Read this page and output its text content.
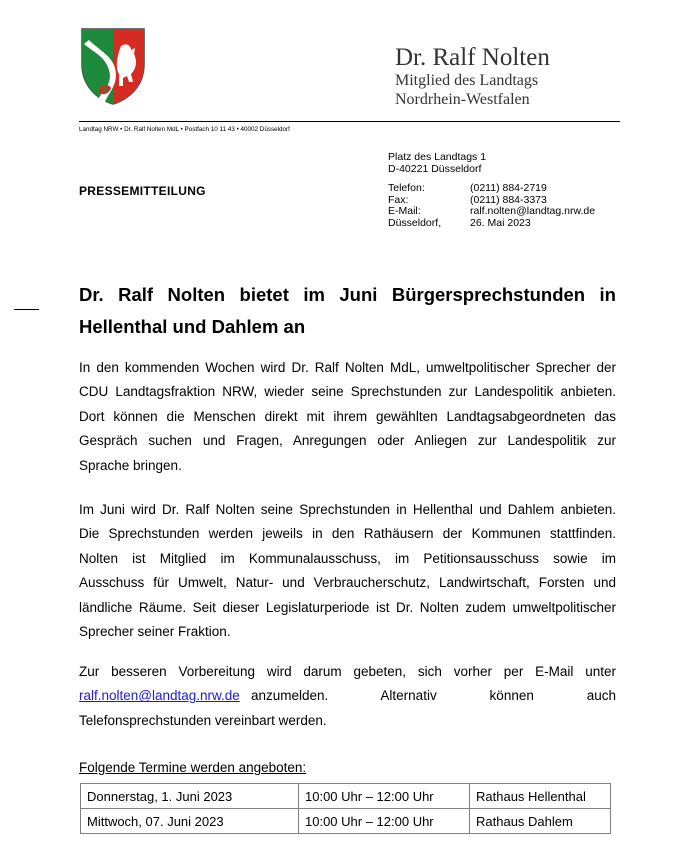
Dr. Ralf Nolten
Mitglied des Landtags
Nordrhein-Westfalen
Landtag NRW • Dr. Ralf Nolten MdL • Postfach 10 11 43 • 40002 Düsseldorf
Platz des Landtags 1
D-40221 Düsseldorf
Telefon:	(0211) 884-2719
Fax:	(0211) 884-3373
E-Mail:	ralf.nolten@landtag.nrw.de
Düsseldorf,	26. Mai 2023
PRESSEMITTEILUNG
Dr. Ralf Nolten bietet im Juni Bürgersprechstunden in
Hellenthal und Dahlem an
In den kommenden Wochen wird Dr. Ralf Nolten MdL, umweltpolitischer Sprecher der
CDU Landtagsfraktion NRW, wieder seine Sprechstunden zur Landespolitik anbieten.
Dort können die Menschen direkt mit ihrem gewählten Landtagsabgeordneten das
Gespräch suchen und Fragen, Anregungen oder Anliegen zur Landespolitik zur
Sprache bringen.
Im Juni wird Dr. Ralf Nolten seine Sprechstunden in Hellenthal und Dahlem anbieten.
Die Sprechstunden werden jeweils in den Rathäusern der Kommunen stattfinden.
Nolten ist Mitglied im Kommunalausschuss, im Petitionsausschuss sowie im
Ausschuss für Umwelt, Natur- und Verbraucherschutz, Landwirtschaft, Forsten und
ländliche Räume. Seit dieser Legislaturperiode ist Dr. Nolten zudem umweltpolitischer
Sprecher seiner Fraktion.
Zur besseren Vorbereitung wird darum gebeten, sich vorher per E-Mail unter
ralf.nolten@landtag.nrw.de anzumelden.      Alternativ      können      auch
Telefonsprechstunden vereinbart werden.
Folgende Termine werden angeboten:
Donnerstag, 1. Juni 2023	10:00 Uhr – 12:00 Uhr	Rathaus Hellenthal
Mittwoch, 07. Juni 2023	10:00 Uhr – 12:00 Uhr	Rathaus Dahlem
